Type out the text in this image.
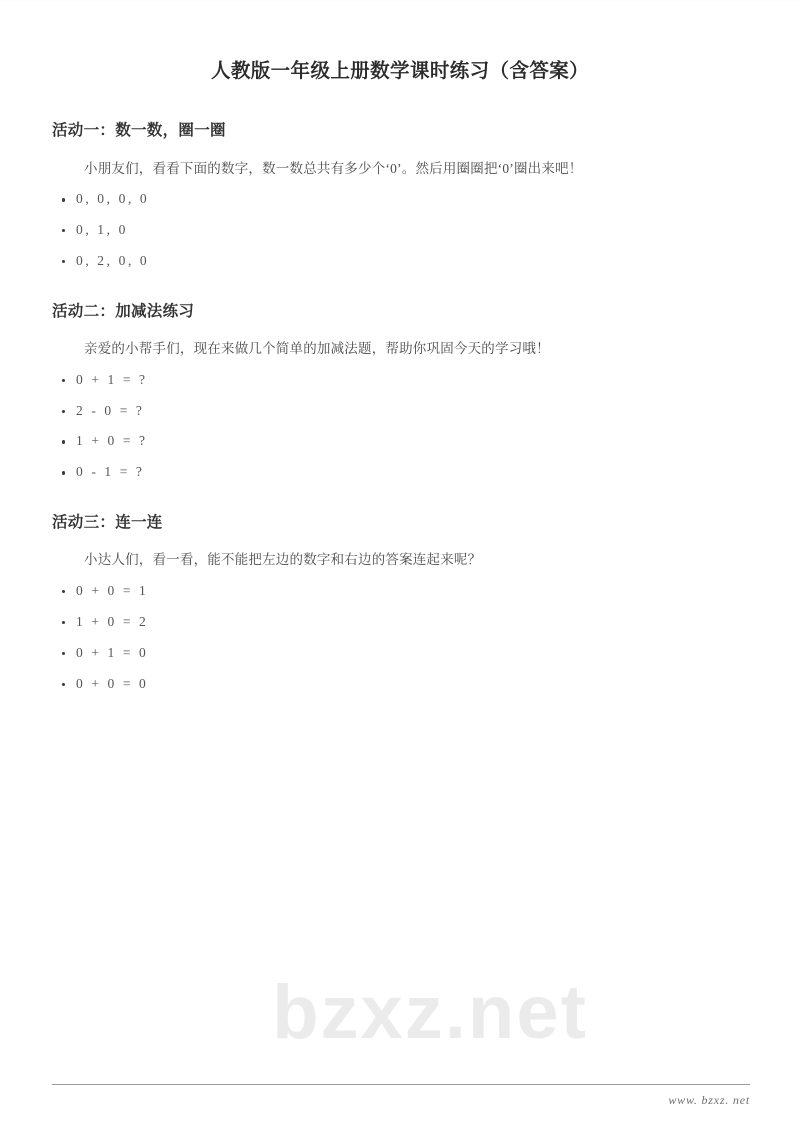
bzxz.net
人教版一年级上册数学课时练习（含答案）
活动一：数一数，圈一圈

小朋友们，看看下面的数字，数一数总共有多少个‘0’。然后用圈圈把‘0’圈出来吧！

0, 0, 0, 0
0, 1, 0
0, 2, 0, 0
活动二：加减法练习

亲爱的小帮手们，现在来做几个简单的加减法题，帮助你巩固今天的学习哦！

0 + 1 = ?
2 - 0 = ?
1 + 0 = ?
0 - 1 = ?
活动三：连一连

小达人们，看一看，能不能把左边的数字和右边的答案连起来呢？

0 + 0 = 1
1 + 0 = 2
0 + 1 = 0
0 + 0 = 0
www. bzxz. net
